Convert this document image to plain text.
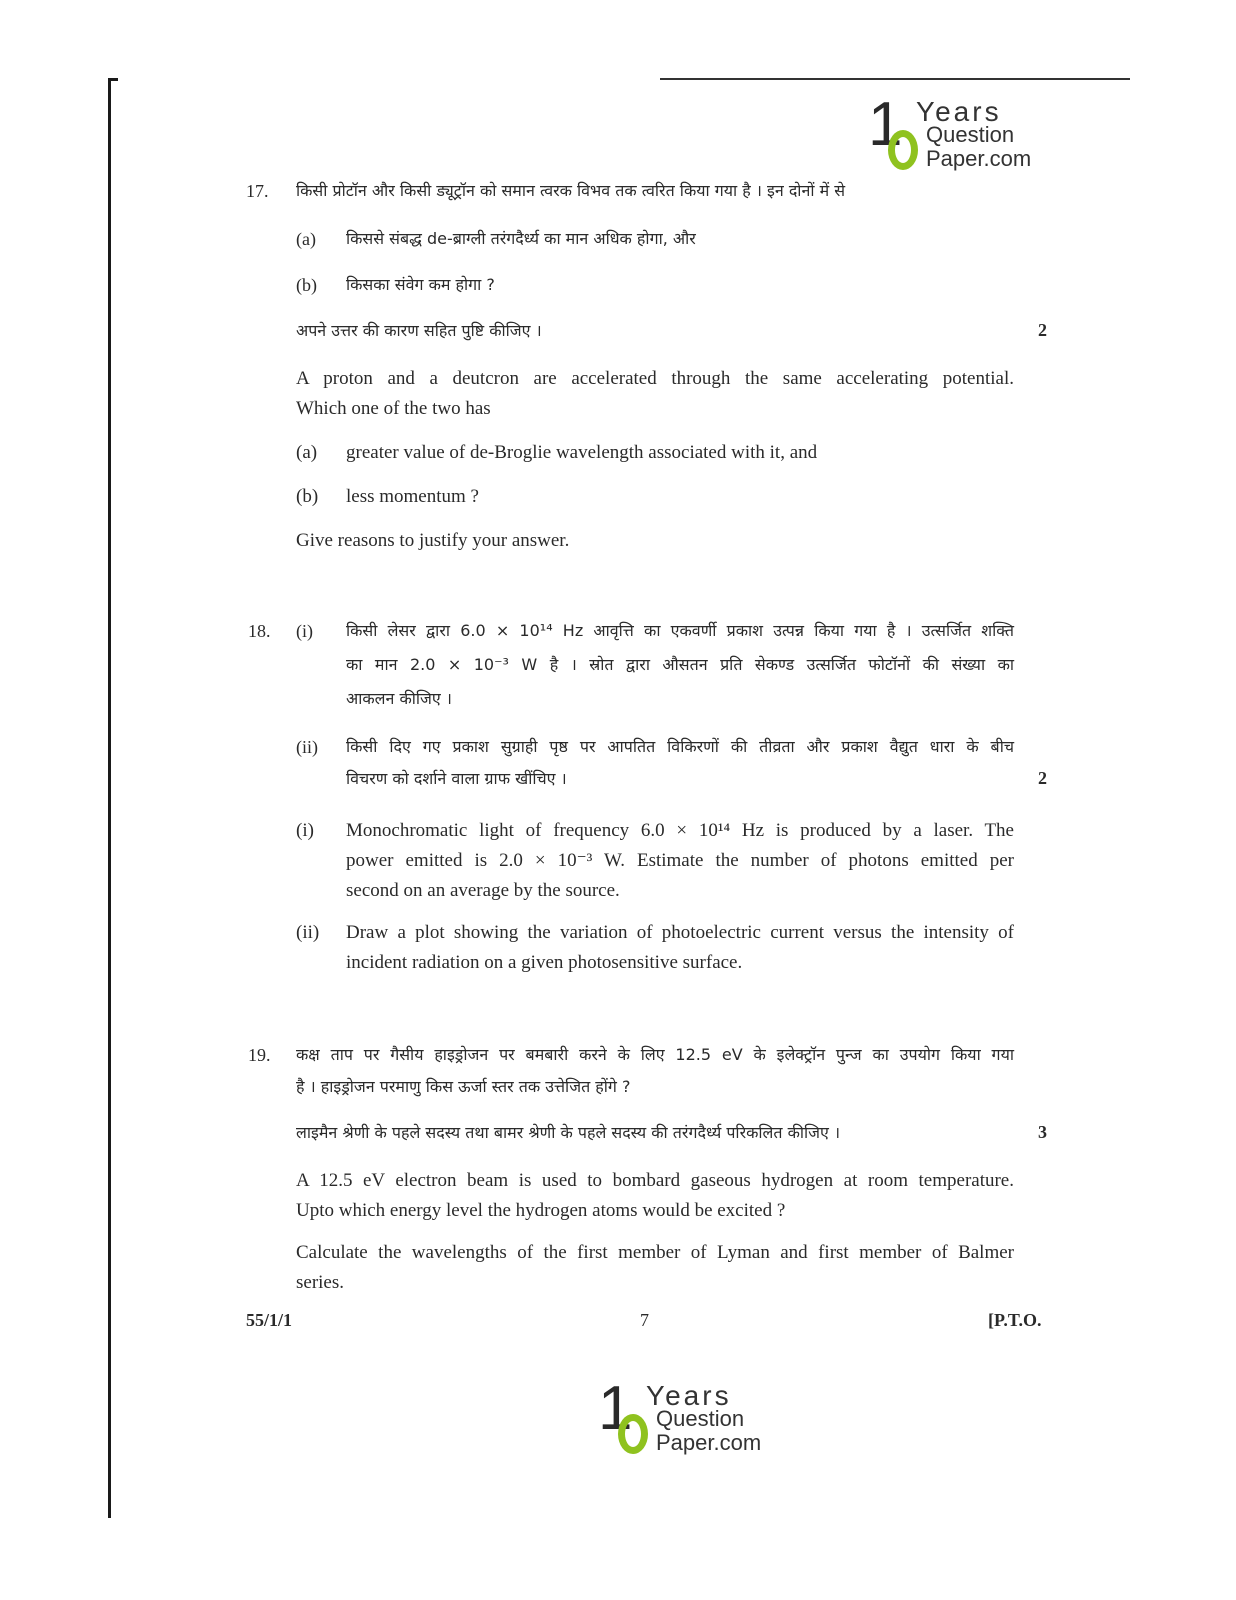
1 Years
Question
Paper.com
17. किसी प्रोटॉन और किसी ड्यूट्रॉन को समान त्वरक विभव तक त्वरित किया गया है । इन दोनों में से
(a) किससे संबद्ध de-ब्राग्ली तरंगदैर्ध्य का मान अधिक होगा, और
(b) किसका संवेग कम होगा ?
अपने उत्तर की कारण सहित पुष्टि कीजिए ।	2
A proton and a deutcron are accelerated through the same accelerating potential.
Which one of the two has
(a) greater value of de-Broglie wavelength associated with it, and
(b) less momentum ?
Give reasons to justify your answer.
18. (i) किसी लेसर द्वारा 6.0 × 10¹⁴ Hz आवृत्ति का एकवर्णी प्रकाश उत्पन्न किया गया है । उत्सर्जित शक्ति
का मान 2.0 × 10⁻³ W है । स्रोत द्वारा औसतन प्रति सेकण्ड उत्सर्जित फोटॉनों की संख्या का
आकलन कीजिए ।
(ii) किसी दिए गए प्रकाश सुग्राही पृष्ठ पर आपतित विकिरणों की तीव्रता और प्रकाश वैद्युत धारा के बीच
विचरण को दर्शाने वाला ग्राफ खींचिए ।	2
(i) Monochromatic light of frequency 6.0 × 10¹⁴ Hz is produced by a laser. The
power emitted is 2.0 × 10⁻³ W. Estimate the number of photons emitted per
second on an average by the source.
(ii) Draw a plot showing the variation of photoelectric current versus the intensity of
incident radiation on a given photosensitive surface.
19. कक्ष ताप पर गैसीय हाइड्रोजन पर बमबारी करने के लिए 12.5 eV के इलेक्ट्रॉन पुन्ज का उपयोग किया गया
है । हाइड्रोजन परमाणु किस ऊर्जा स्तर तक उत्तेजित होंगे ?
लाइमैन श्रेणी के पहले सदस्य तथा बामर श्रेणी के पहले सदस्य की तरंगदैर्ध्य परिकलित कीजिए ।	3
A 12.5 eV electron beam is used to bombard gaseous hydrogen at room temperature.
Upto which energy level the hydrogen atoms would be excited ?
Calculate the wavelengths of the first member of Lyman and first member of Balmer
series.
55/1/1	7	[P.T.O.
1 Years
Question
Paper.com
